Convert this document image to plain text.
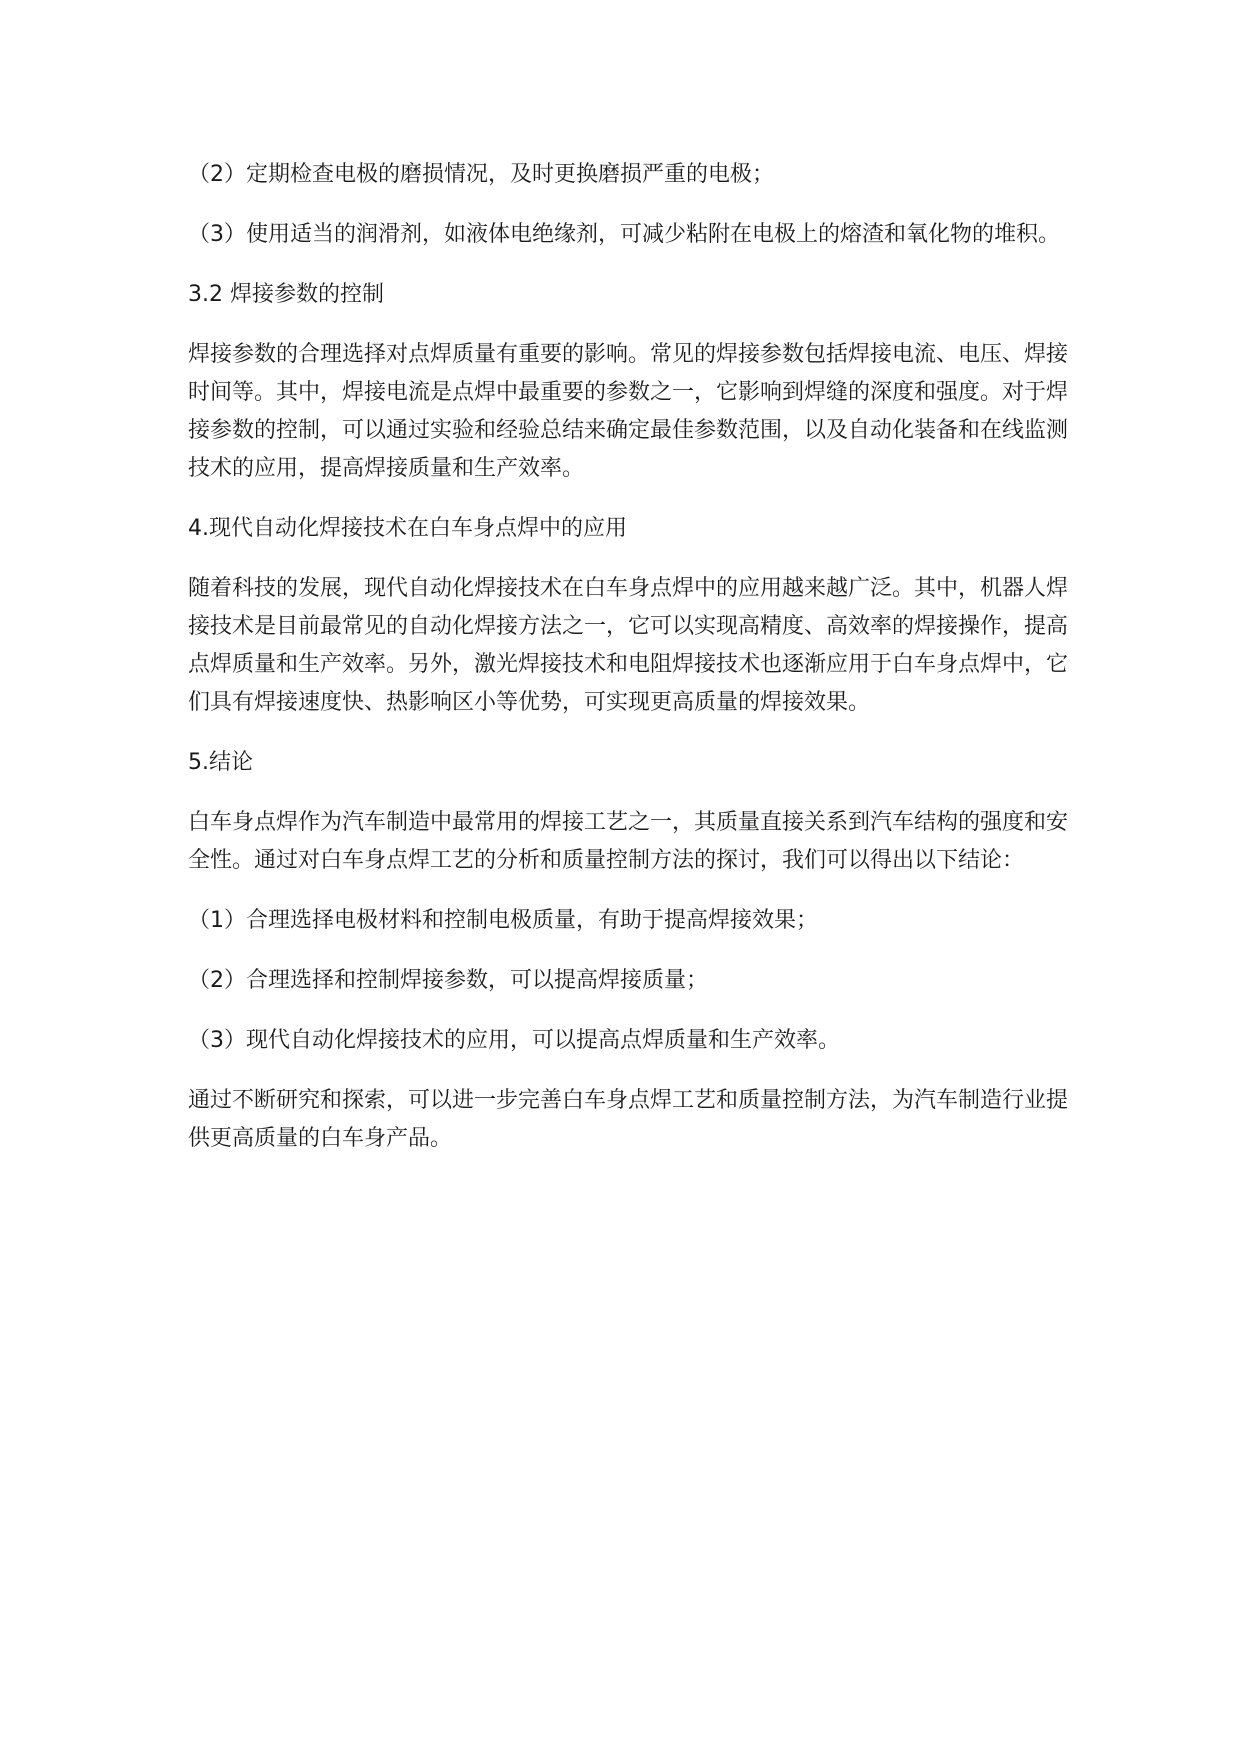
（2）定期检查电极的磨损情况，及时更换磨损严重的电极；

（3）使用适当的润滑剂，如液体电绝缘剂，可减少粘附在电极上的熔渣和氧化物的堆积。

3.2 焊接参数的控制

焊接参数的合理选择对点焊质量有重要的影响。常见的焊接参数包括焊接电流、电压、焊接时间等。其中，焊接电流是点焊中最重要的参数之一，它影响到焊缝的深度和强度。对于焊接参数的控制，可以通过实验和经验总结来确定最佳参数范围，以及自动化装备和在线监测技术的应用，提高焊接质量和生产效率。

4.现代自动化焊接技术在白车身点焊中的应用

随着科技的发展，现代自动化焊接技术在白车身点焊中的应用越来越广泛。其中，机器人焊接技术是目前最常见的自动化焊接方法之一，它可以实现高精度、高效率的焊接操作，提高点焊质量和生产效率。另外，激光焊接技术和电阻焊接技术也逐渐应用于白车身点焊中，它们具有焊接速度快、热影响区小等优势，可实现更高质量的焊接效果。

5.结论

白车身点焊作为汽车制造中最常用的焊接工艺之一，其质量直接关系到汽车结构的强度和安全性。通过对白车身点焊工艺的分析和质量控制方法的探讨，我们可以得出以下结论：

（1）合理选择电极材料和控制电极质量，有助于提高焊接效果；

（2）合理选择和控制焊接参数，可以提高焊接质量；

（3）现代自动化焊接技术的应用，可以提高点焊质量和生产效率。

通过不断研究和探索，可以进一步完善白车身点焊工艺和质量控制方法，为汽车制造行业提供更高质量的白车身产品。
